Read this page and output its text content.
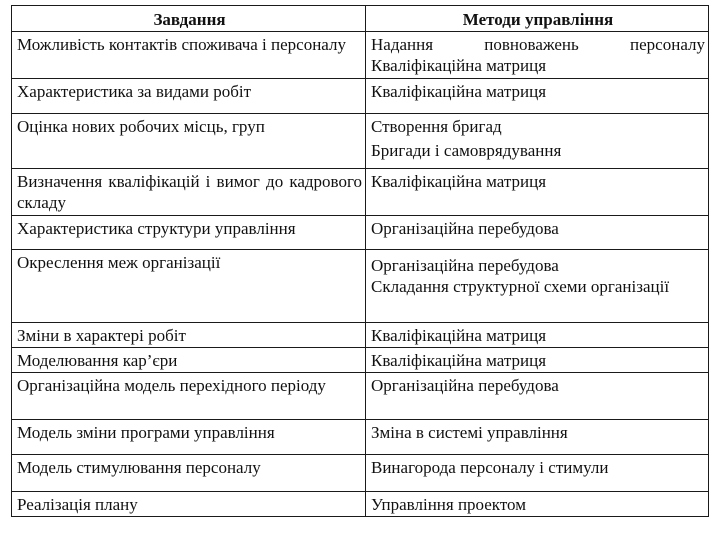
Завдання	Методи управління
Можливість контактів споживача і персоналу	Надання повноважень персоналу
Кваліфікаційна матриця

Характеристика за видами робіт	Кваліфікаційна матриця

Оцінка нових робочих місць, груп	Створення бригад
Бригади і самоврядування

Визначення кваліфікацій і вимог до кадрового складу	Кваліфікаційна матриця

Характеристика структури управління	Організаційна перебудова

Окреслення меж організації	Організаційна перебудова
Складання структурної схеми організації

Зміни в характері робіт	Кваліфікаційна матриця

Моделювання кар’єри	Кваліфікаційна матриця

Організаційна модель перехідного періоду	Організаційна перебудова

Модель зміни програми управління	Зміна в системі управління

Модель стимулювання персоналу	Винагорода персоналу і стимули

Реалізація плану	Управління проектом
